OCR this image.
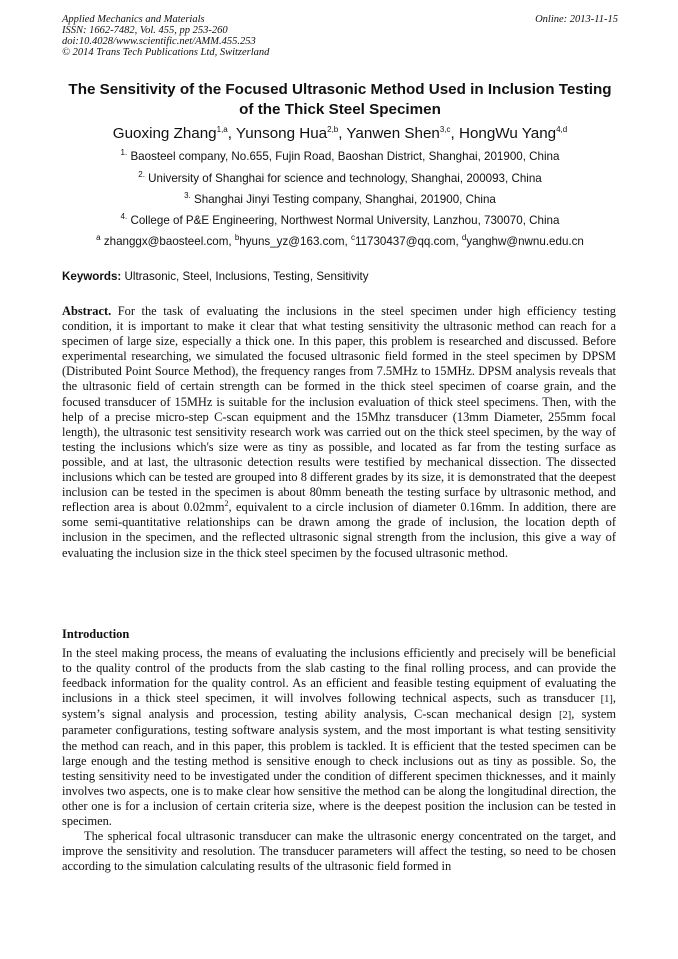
Applied Mechanics and Materials
ISSN: 1662-7482, Vol. 455, pp 253-260
doi:10.4028/www.scientific.net/AMM.455.253
© 2014 Trans Tech Publications Ltd, Switzerland
Online: 2013-11-15
The Sensitivity of the Focused Ultrasonic Method Used in Inclusion Testing of the Thick Steel Specimen
Guoxing Zhang$^{1,a}$, Yunsong Hua$^{2,b}$, Yanwen Shen$^{3,c}$, HongWu Yang$^{4,d}$
$^{1.}$ Baosteel company, No.655, Fujin Road, Baoshan District, Shanghai, 201900, China
$^{2.}$ University of Shanghai for science and technology, Shanghai, 200093, China
$^{3.}$ Shanghai Jinyi Testing company, Shanghai, 201900, China
$^{4.}$ College of P&E Engineering, Northwest Normal University, Lanzhou, 730070, China
$^a$ zhanggx@baosteel.com, $^b$hyuns_yz@163.com, $^c$11730437@qq.com, $^d$yanghw@nwnu.edu.cn
Keywords: Ultrasonic, Steel, Inclusions, Testing, Sensitivity
Abstract. For the task of evaluating the inclusions in the steel specimen under high efficiency testing condition, it is important to make it clear that what testing sensitivity the ultrasonic method can reach for a specimen of large size, especially a thick one. In this paper, this problem is researched and discussed. Before experimental researching, we simulated the focused ultrasonic field formed in the steel specimen by DPSM (Distributed Point Source Method), the frequency ranges from 7.5MHz to 15MHz. DPSM analysis reveals that the ultrasonic field of certain strength can be formed in the thick steel specimen of coarse grain, and the focused transducer of 15MHz is suitable for the inclusion evaluation of thick steel specimens. Then, with the help of a precise micro-step C-scan equipment and the 15Mhz transducer (13mm Diameter, 255mm focal length), the ultrasonic test sensitivity research work was carried out on the thick steel specimen, by the way of testing the inclusions which's size were as tiny as possible, and located as far from the testing surface as possible, and at last, the ultrasonic detection results were testified by mechanical dissection. The dissected inclusions which can be tested are grouped into 8 different grades by its size, it is demonstrated that the deepest inclusion can be tested in the specimen is about 80mm beneath the testing surface by ultrasonic method, and reflection area is about $0.02mm^2$, equivalent to a circle inclusion of diameter 0.16mm. In addition, there are some semi-quantitative relationships can be drawn among the grade of inclusion, the location depth of inclusion in the specimen, and the reflected ultrasonic signal strength from the inclusion, this give a way of evaluating the inclusion size in the thick steel specimen by the focused ultrasonic method.
Introduction

In the steel making process, the means of evaluating the inclusions efficiently and precisely will be beneficial to the quality control of the products from the slab casting to the final rolling process, and can provide the feedback information for the quality control. As an efficient and feasible testing equipment of evaluating the inclusions in a thick steel specimen, it will involves following technical aspects, such as transducer [1], system’s signal analysis and procession, testing ability analysis, C-scan mechanical design [2], system parameter configurations, testing software analysis system, and the most important is what testing sensitivity the method can reach, and in this paper, this problem is tackled. It is efficient that the tested specimen can be large enough and the testing method is sensitive enough to check inclusions out as tiny as possible. So, the testing sensitivity need to be investigated under the condition of different specimen thicknesses, and it mainly involves two aspects, one is to make clear how sensitive the method can be along the longitudinal direction, the other one is for a inclusion of certain criteria size, where is the deepest position the inclusion can be tested in specimen.

The spherical focal ultrasonic transducer can make the ultrasonic energy concentrated on the target, and improve the sensitivity and resolution. The transducer parameters will affect the testing, so need to be chosen according to the simulation calculating results of the ultrasonic field formed in
